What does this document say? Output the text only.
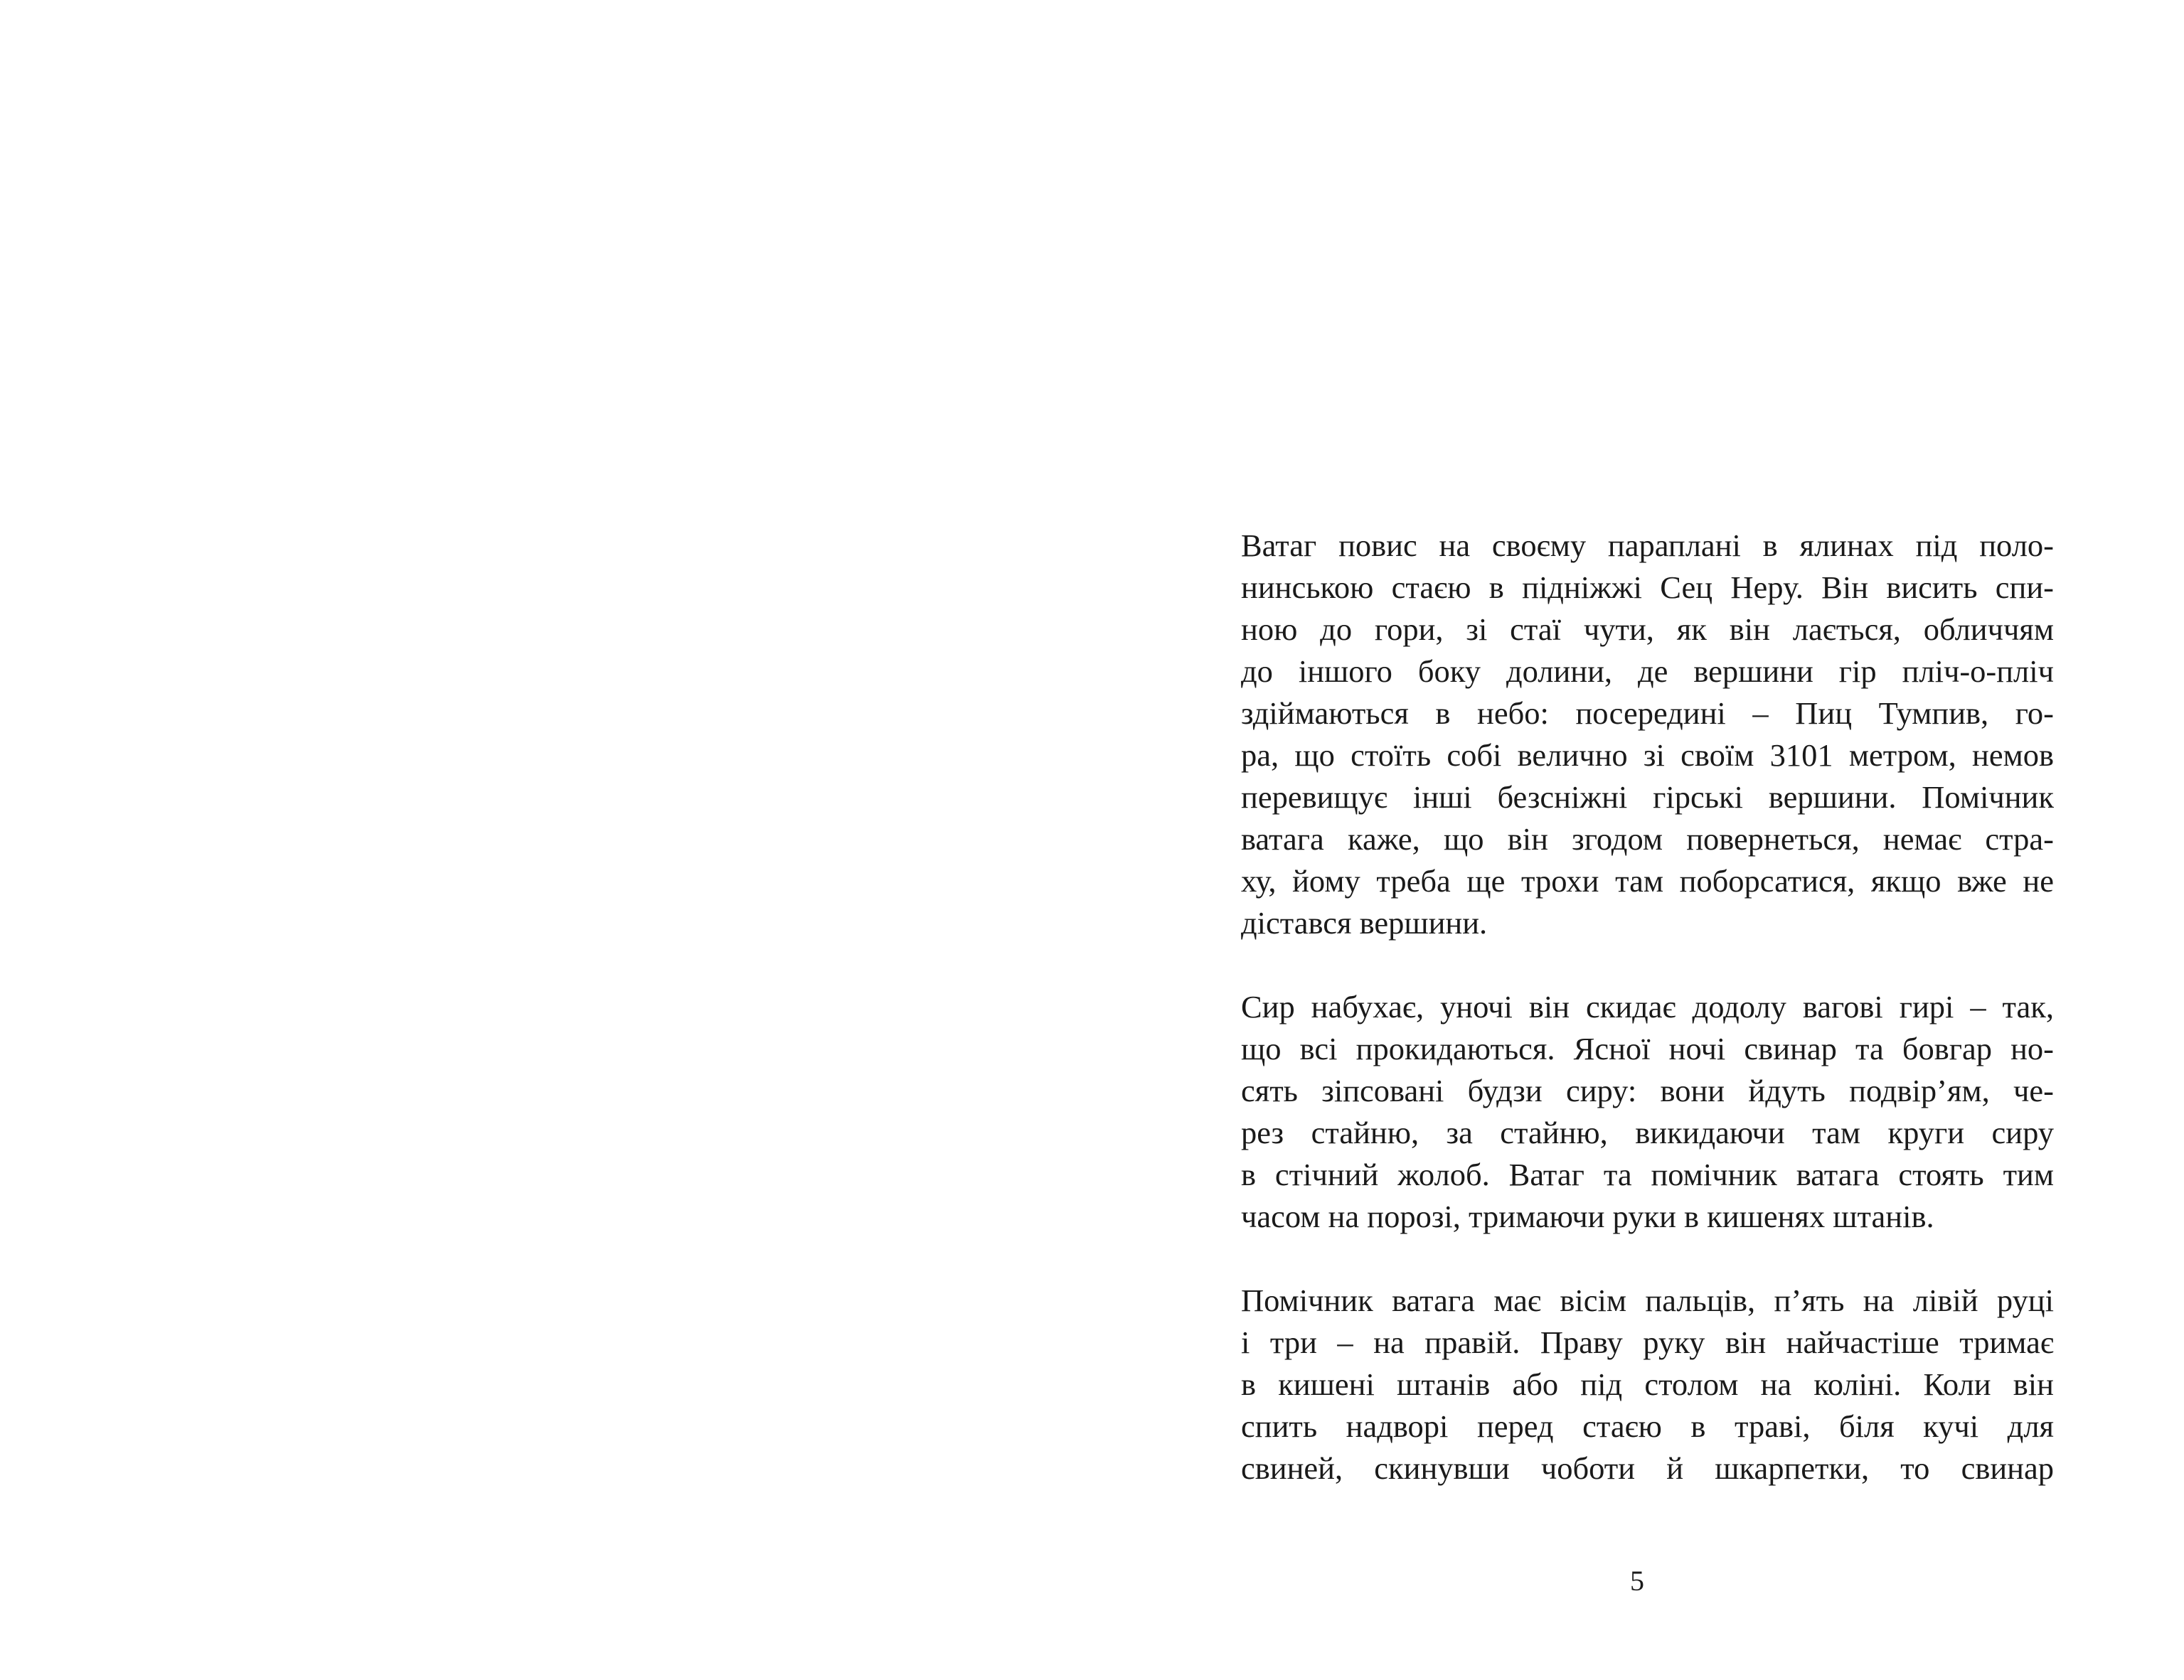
Ватаг повис на своєму параплані в ялинах під поло-
нинською стаєю в підніжжі Сец Неру. Він висить спи-
ною до гори, зі стаї чути, як він лається, обличчям
до іншого боку долини, де вершини гір пліч-о-пліч
здіймаються в небо: посередині – Пиц Тумпив, го-
ра, що стоїть собі велично зі своїм 3101 метром, немов
перевищує інші безсніжні гірські вершини. Помічник
ватага каже, що він згодом повернеться, немає стра-
ху, йому треба ще трохи там поборсатися, якщо вже не
дістався вершини.

Сир набухає, уночі він скидає додолу вагові гирі – так,
що всі прокидаються. Ясної ночі свинар та бовгар но-
сять зіпсовані будзи сиру: вони йдуть подвір’ям, че-
рез стайню, за стайню, викидаючи там круги сиру
в стічний жолоб. Ватаг та помічник ватага стоять тим
часом на порозі, тримаючи руки в кишенях штанів.

Помічник ватага має вісім пальців, п’ять на лівій руці
і три – на правій. Праву руку він найчастіше тримає
в кишені штанів або під столом на коліні. Коли він
спить надворі перед стаєю в траві, біля кучі для
свиней, скинувши чоботи й шкарпетки, то свинар

5
